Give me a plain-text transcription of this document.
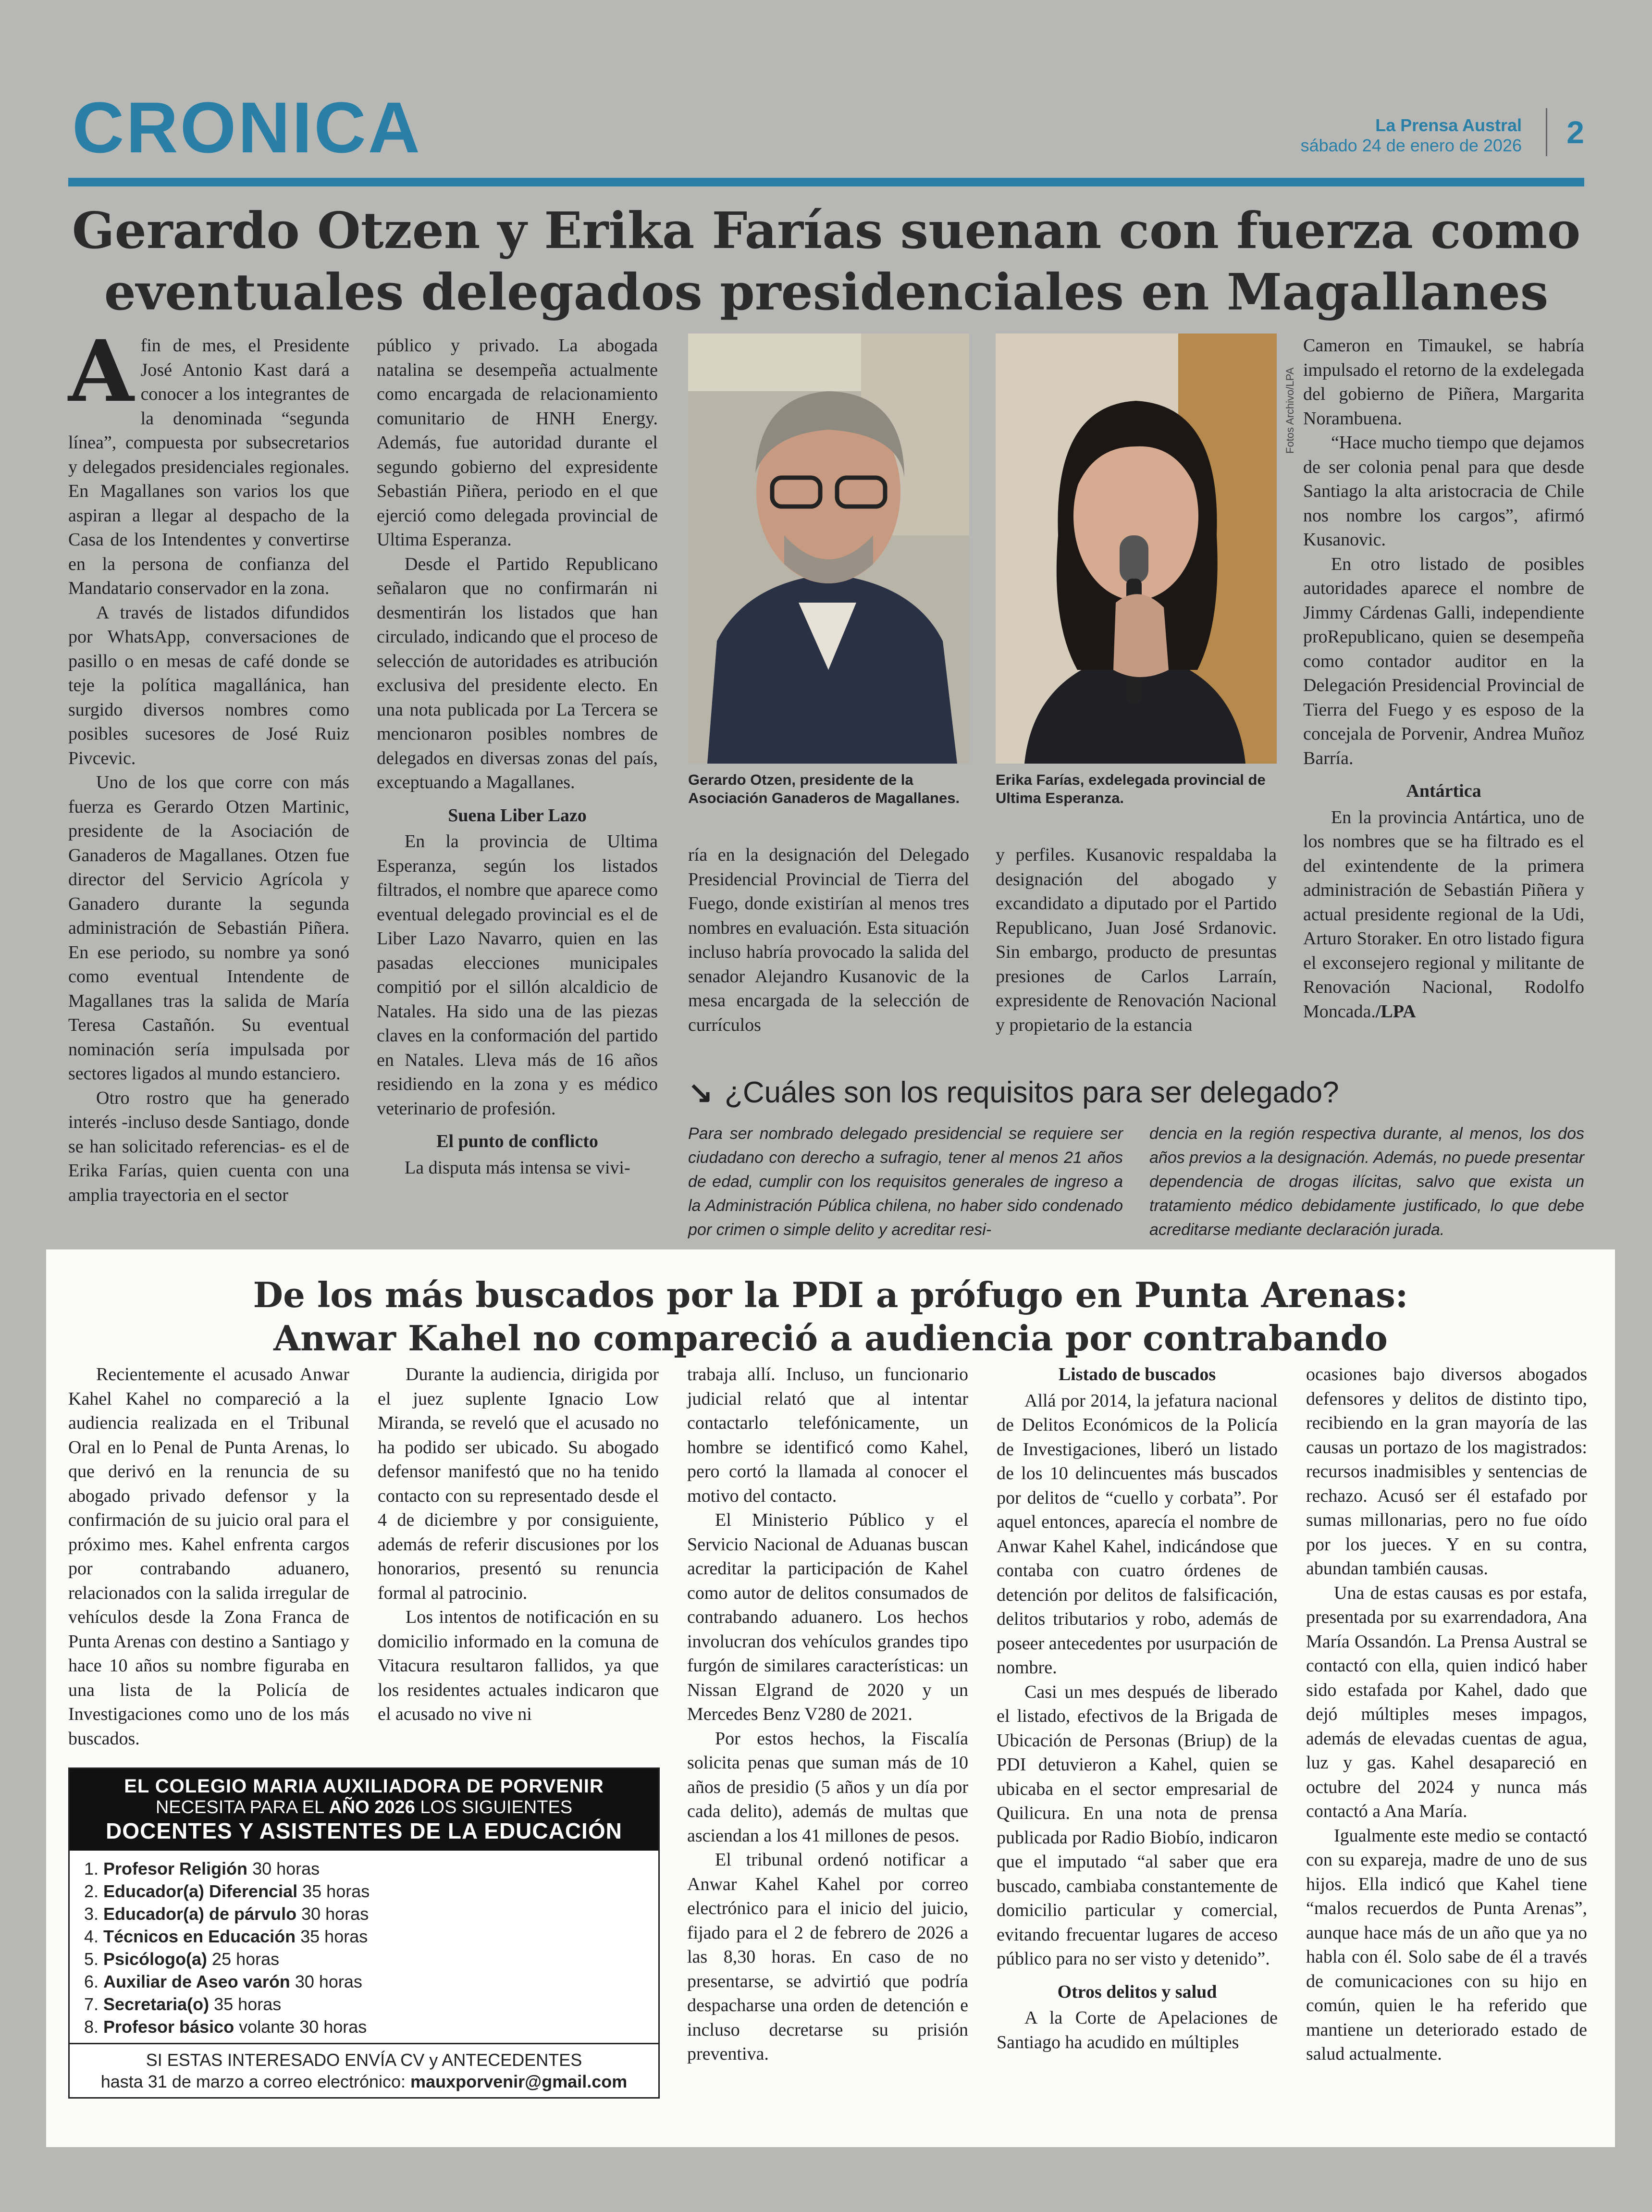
CRONICA	La Prensa Austral
sábado 24 de enero de 2026	2
Gerardo Otzen y Erika Farías suenan con fuerza como
eventuales delegados presidenciales en Magallanes

Afin de mes, el Presidente José Antonio Kast dará a conocer a los integrantes de la denominada “segunda línea”, compuesta por subsecretarios y delegados presidenciales regionales. En Magallanes son varios los que aspiran a llegar al despacho de la Casa de los Intendentes y convertirse en la persona de confianza del Mandatario conservador en la zona.

A través de listados difundidos por WhatsApp, conversaciones de pasillo o en mesas de café donde se teje la política magallánica, han surgido diversos nombres como posibles sucesores de José Ruiz Pivcevic.

Uno de los que corre con más fuerza es Gerardo Otzen Martinic, presidente de la Asociación de Ganaderos de Magallanes. Otzen fue director del Servicio Agrícola y Ganadero durante la segunda administración de Sebastián Piñera. En ese periodo, su nombre ya sonó como eventual Intendente de Magallanes tras la salida de María Teresa Castañón. Su eventual nominación sería impulsada por sectores ligados al mundo estanciero.

Otro rostro que ha generado interés -incluso desde Santiago, donde se han solicitado referencias- es el de Erika Farías, quien cuenta con una amplia trayectoria en el sector

público y privado. La abogada natalina se desempeña actualmente como encargada de relacionamiento comunitario de HNH Energy. Además, fue autoridad durante el segundo gobierno del expresidente Sebastián Piñera, periodo en el que ejerció como delegada provincial de Ultima Esperanza.

Desde el Partido Republicano señalaron que no confirmarán ni desmentirán los listados que han circulado, indicando que el proceso de selección de autoridades es atribución exclusiva del presidente electo. En una nota publicada por La Tercera se mencionaron posibles nombres de delegados en diversas zonas del país, exceptuando a Magallanes.

Suena Liber Lazo

En la provincia de Ultima Esperanza, según los listados filtrados, el nombre que aparece como eventual delegado provincial es el de Liber Lazo Navarro, quien en las pasadas elecciones municipales compitió por el sillón alcaldicio de Natales. Ha sido una de las piezas claves en la conformación del partido en Natales. Lleva más de 16 años residiendo en la zona y es médico veterinario de profesión.

El punto de conflicto

La disputa más intensa se vivi-

Gerardo Otzen, presidente de la Asociación Ganaderos de Magallanes.
Erika Farías, exdelegada provincial de Ultima Esperanza.
Fotos Archivo/LPA

ría en la designación del Delegado Presidencial Provincial de Tierra del Fuego, donde existirían al menos tres nombres en evaluación. Esta situación incluso habría provocado la salida del senador Alejandro Kusanovic de la mesa encargada de la selección de currículos

y perfiles. Kusanovic respaldaba la designación del abogado y excandidato a diputado por el Partido Republicano, Juan José Srdanovic. Sin embargo, producto de presuntas presiones de Carlos Larraín, expresidente de Renovación Nacional y propietario de la estancia

Cameron en Timaukel, se habría impulsado el retorno de la exdelegada del gobierno de Piñera, Margarita Norambuena.

“Hace mucho tiempo que dejamos de ser colonia penal para que desde Santiago la alta aristocracia de Chile nos nombre los cargos”, afirmó Kusanovic.

En otro listado de posibles autoridades aparece el nombre de Jimmy Cárdenas Galli, independiente proRepublicano, quien se desempeña como contador auditor en la Delegación Presidencial Provincial de Tierra del Fuego y es esposo de la concejala de Porvenir, Andrea Muñoz Barría.

Antártica

En la provincia Antártica, uno de los nombres que se ha filtrado es el del exintendente de la primera administración de Sebastián Piñera y actual presidente regional de la Udi, Arturo Storaker. En otro listado figura el exconsejero regional y militante de Renovación Nacional, Rodolfo Moncada./LPA

↘ ¿Cuáles son los requisitos para ser delegado?
Para ser nombrado delegado presidencial se requiere ser ciudadano con derecho a sufragio, tener al menos 21 años de edad, cumplir con los requisitos generales de ingreso a la Administración Pública chilena, no haber sido condenado por crimen o simple delito y acreditar resi-
dencia en la región respectiva durante, al menos, los dos años previos a la designación. Además, no puede presentar dependencia de drogas ilícitas, salvo que exista un tratamiento médico debidamente justificado, lo que debe acreditarse mediante declaración jurada.

De los más buscados por la PDI a prófugo en Punta Arenas:

Anwar Kahel no compareció a audiencia por contrabando

Recientemente el acusado Anwar Kahel Kahel no compareció a la audiencia realizada en el Tribunal Oral en lo Penal de Punta Arenas, lo que derivó en la renuncia de su abogado privado defensor y la confirmación de su juicio oral para el próximo mes. Kahel enfrenta cargos por contrabando aduanero, relacionados con la salida irregular de vehículos desde la Zona Franca de Punta Arenas con destino a Santiago y hace 10 años su nombre figuraba en una lista de la Policía de Investigaciones como uno de los más buscados.

Durante la audiencia, dirigida por el juez suplente Ignacio Low Miranda, se reveló que el acusado no ha podido ser ubicado. Su abogado defensor manifestó que no ha tenido contacto con su representado desde el 4 de diciembre y por consiguiente, además de referir discusiones por los honorarios, presentó su renuncia formal al patrocinio.

Los intentos de notificación en su domicilio informado en la comuna de Vitacura resultaron fallidos, ya que los residentes actuales indicaron que el acusado no vive ni

trabaja allí. Incluso, un funcionario judicial relató que al intentar contactarlo telefónicamente, un hombre se identificó como Kahel, pero cortó la llamada al conocer el motivo del contacto.

El Ministerio Público y el Servicio Nacional de Aduanas buscan acreditar la participación de Kahel como autor de delitos consumados de contrabando aduanero. Los hechos involucran dos vehículos grandes tipo furgón de similares características: un Nissan Elgrand de 2020 y un Mercedes Benz V280 de 2021.

Por estos hechos, la Fiscalía solicita penas que suman más de 10 años de presidio (5 años y un día por cada delito), además de multas que asciendan a los 41 millones de pesos.

El tribunal ordenó notificar a Anwar Kahel Kahel por correo electrónico para el inicio del juicio, fijado para el 2 de febrero de 2026 a las 8,30 horas. En caso de no presentarse, se advirtió que podría despacharse una orden de detención e incluso decretarse su prisión preventiva.

Listado de buscados

Allá por 2014, la jefatura nacional de Delitos Económicos de la Policía de Investigaciones, liberó un listado de los 10 delincuentes más buscados por delitos de “cuello y corbata”. Por aquel entonces, aparecía el nombre de Anwar Kahel Kahel, indicándose que contaba con cuatro órdenes de detención por delitos de falsificación, delitos tributarios y robo, además de poseer antecedentes por usurpación de nombre.

Casi un mes después de liberado el listado, efectivos de la Brigada de Ubicación de Personas (Briup) de la PDI detuvieron a Kahel, quien se ubicaba en el sector empresarial de Quilicura. En una nota de prensa publicada por Radio Biobío, indicaron que el imputado “al saber que era buscado, cambiaba constantemente de domicilio particular y comercial, evitando frecuentar lugares de acceso público para no ser visto y detenido”.

Otros delitos y salud

A la Corte de Apelaciones de Santiago ha acudido en múltiples

ocasiones bajo diversos abogados defensores y delitos de distinto tipo, recibiendo en la gran mayoría de las causas un portazo de los magistrados: recursos inadmisibles y sentencias de rechazo. Acusó ser él estafado por sumas millonarias, pero no fue oído por los jueces. Y en su contra, abundan también causas.

Una de estas causas es por estafa, presentada por su exarrendadora, Ana María Ossandón. La Prensa Austral se contactó con ella, quien indicó haber sido estafada por Kahel, dado que dejó múltiples meses impagos, además de elevadas cuentas de agua, luz y gas. Kahel desapareció en octubre del 2024 y nunca más contactó a Ana María.

Igualmente este medio se contactó con su expareja, madre de uno de sus hijos. Ella indicó que Kahel tiene “malos recuerdos de Punta Arenas”, aunque hace más de un año que ya no habla con él. Solo sabe de él a través de comunicaciones con su hijo en común, quien le ha referido que mantiene un deteriorado estado de salud actualmente.

EL COLEGIO MARIA AUXILIADORA DE PORVENIR
NECESITA PARA EL AÑO 2026 LOS SIGUIENTES
DOCENTES Y ASISTENTES DE LA EDUCACIÓN
1. Profesor Religión 30 horas
2. Educador(a) Diferencial 35 horas
3. Educador(a) de párvulo 30 horas
4. Técnicos en Educación 35 horas
5. Psicólogo(a) 25 horas
6. Auxiliar de Aseo varón 30 horas
7. Secretaria(o) 35 horas
8. Profesor básico volante 30 horas
SI ESTAS INTERESADO ENVÍA CV y ANTECEDENTES
hasta 31 de marzo a correo electrónico: mauxporvenir@gmail.com
